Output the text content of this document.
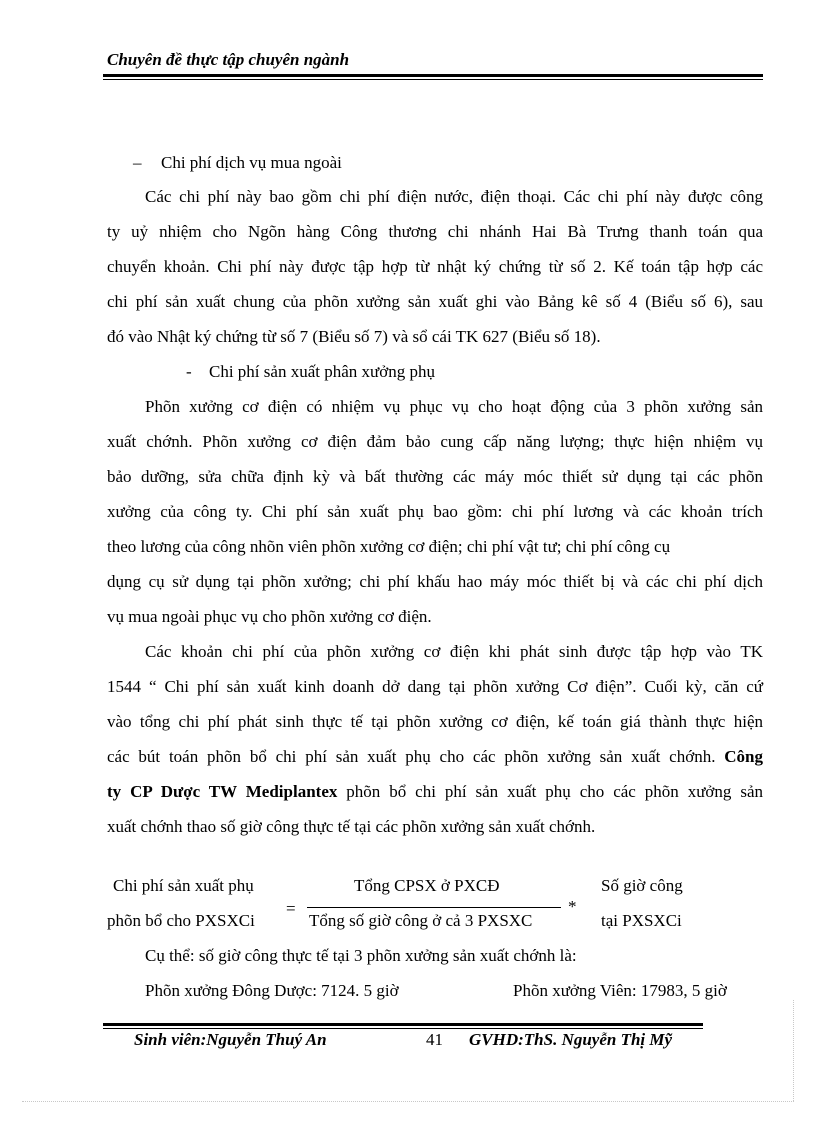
Chuyên đề thực tập chuyên ngành
– Chi phí dịch vụ mua ngoài
Các chi phí này bao gồm chi phí điện nước, điện thoại. Các chi phí này được công
ty uỷ nhiệm cho Ngõn hàng Công thương chi nhánh Hai Bà Trưng thanh toán qua
chuyển khoản. Chi phí này được tập hợp từ nhật ký chứng từ số 2. Kế toán tập hợp các
chi phí sản xuất chung của phõn xưởng sản xuất ghi vào Bảng kê số 4 (Biểu số 6), sau
đó vào Nhật ký chứng từ số 7 (Biểu số 7) và sổ cái TK 627 (Biểu số 18).
- Chi phí sản xuất phân xưởng phụ
Phõn xưởng cơ điện có nhiệm vụ phục vụ cho hoạt động của 3 phõn xưởng sản
xuất chớnh. Phõn xưởng cơ điện đảm bảo cung cấp năng lượng; thực hiện nhiệm vụ
bảo dưỡng, sửa chữa định kỳ và bất thường các máy móc thiết sử dụng tại các phõn
xưởng của công ty. Chi phí sản xuất phụ bao gồm: chi phí lương và các khoản trích
theo lương của công nhõn viên phõn xưởng cơ điện; chi phí vật tư; chi phí công cụ
dụng cụ sử dụng tại phõn xưởng; chi phí khấu hao máy móc thiết bị và các chi phí dịch
vụ mua ngoài phục vụ cho phõn xưởng cơ điện.
Các khoản chi phí của phõn xưởng cơ điện khi phát sinh được tập hợp vào TK
1544 “ Chi phí sản xuất kinh doanh dở dang tại phõn xưởng Cơ điện”. Cuối kỳ, căn cứ
vào tổng chi phí phát sinh thực tế tại phõn xưởng cơ điện, kế toán giá thành thực hiện
các bút toán phõn bổ chi phí sản xuất phụ cho các phõn xưởng sản xuất chớnh. Công
ty CP Dược TW Mediplantex phõn bổ chi phí sản xuất phụ cho các phõn xưởng sản
xuất chớnh thao số giờ công thực tế tại các phõn xưởng sản xuất chớnh.
Chi phí sản xuất phụ
phõn bổ cho PXSXCi
=
Tổng CPSX ở PXCĐ
Tổng số giờ công ở cả 3 PXSXC
*
Số giờ công
tại PXSXCi
Cụ thể: số giờ công thực tế tại 3 phõn xưởng sản xuất chớnh là:
Phõn xưởng Đông Dược: 7124. 5 giờ	Phõn xưởng Viên: 17983, 5 giờ
Sinh viên:Nguyễn Thuý An	41 GVHD:ThS. Nguyễn Thị Mỹ
